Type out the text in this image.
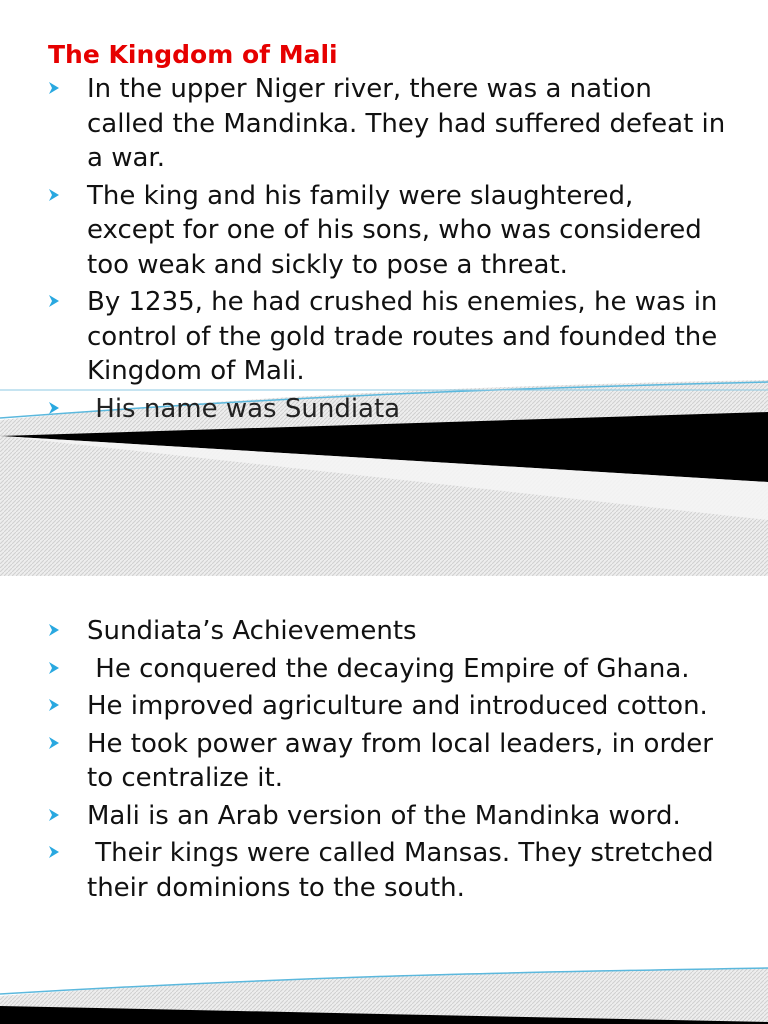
The Kingdom of Mali
In the upper Niger river, there was a nation called the Mandinka. They had suffered defeat in a war.
The king and his family were slaughtered, except for one of his sons, who was considered too weak and sickly to pose a threat.
By 1235, he had crushed his enemies, he was in control of the gold trade routes and founded the Kingdom of Mali.
His name was Sundiata
Sundiata’s Achievements
He conquered the decaying Empire of Ghana.
He improved agriculture and introduced cotton.
He took power away from local leaders, in order to centralize it.
Mali is an Arab version of the Mandinka word.
Their kings were called Mansas. They stretched their dominions to the south.
